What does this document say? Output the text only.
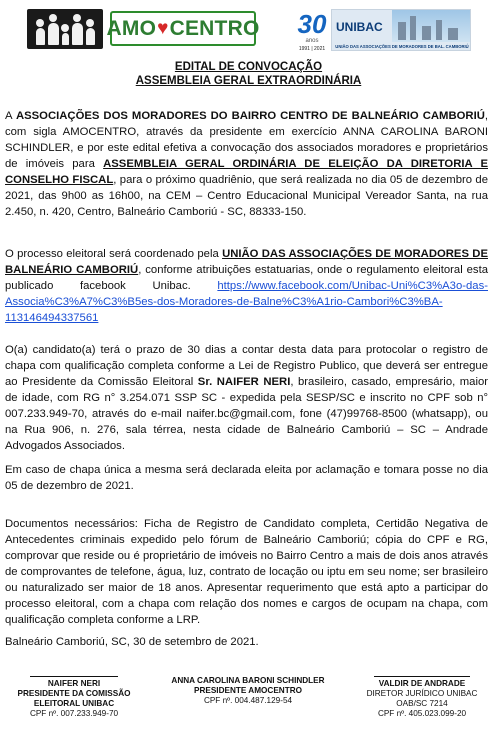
AMO ♥ CENTRO 30
anos
1991 | 2021
UNIBAC
UNIÃO DAS ASSOCIAÇÕES DE MORADORES DE BAL. CAMBORIÚ
EDITAL DE CONVOCAÇÃO
ASSEMBLEIA GERAL EXTRAORDINÁRIA

A ASSOCIAÇÕES DOS MORADORES DO BAIRRO CENTRO DE BALNEÁRIO CAMBORIÚ, com sigla AMOCENTRO, através da presidente em exercício ANNA CAROLINA BARONI SCHINDLER, e por este edital efetiva a convocação dos associados moradores e proprietários de imóveis para ASSEMBLEIA GERAL ORDINÁRIA DE ELEIÇÃO DA DIRETORIA E CONSELHO FISCAL, para o próximo quadriênio, que será realizada no dia 05 de dezembro de 2021, das 9h00 as 16h00, na CEM – Centro Educacional Municipal Vereador Santa, na rua 2.450, n. 420, Centro, Balneário Camboriú - SC, 88333-150.

O processo eleitoral será coordenado pela UNIÃO DAS ASSOCIAÇÕES DE MORADORES DE BALNEÁRIO CAMBORIÚ, conforme atribuições estatuarias, onde o regulamento eleitoral esta publicado facebook Unibac. https://www.facebook.com/Unibac-Uni%C3%A3o-das-Associa%C3%A7%C3%B5es-dos-Moradores-de-Balne%C3%A1rio-Cambori%C3%BA-113146494337561

O(a) candidato(a) terá o prazo de 30 dias a contar desta data para protocolar o registro de chapa com qualificação completa conforme a Lei de Registro Publico, que deverá ser entregue ao Presidente da Comissão Eleitoral Sr. NAIFER NERI, brasileiro, casado, empresário, maior de idade, com RG n° 3.254.071 SSP SC - expedida pela SESP/SC e inscrito no CPF sob n° 007.233.949-70, através do e-mail naifer.bc@gmail.com, fone (47)99768-8500 (whatsapp), ou na Rua 906, n. 276, sala térrea, nesta cidade de Balneário Camboriú – SC – Andrade Advogados Associados.

Em caso de chapa única a mesma será declarada eleita por aclamação e tomara posse no dia 05 de dezembro de 2021.

Documentos necessários: Ficha de Registro de Candidato completa, Certidão Negativa de Antecedentes criminais expedido pelo fórum de Balneário Camboriú; cópia do CPF e RG, comprovar que reside ou é proprietário de imóveis no Bairro Centro a mais de dois anos através de comprovantes de telefone, água, luz, contrato de locação ou iptu em seu nome; ser brasileiro ou naturalizado ser maior de 18 anos. Apresentar requerimento que está apto a participar do processo eleitoral, com a chapa com relação dos nomes e cargos de ocupam na chapa, com qualificação completa conforme a LRP.

Balneário Camboriú, SC, 30 de setembro de 2021.

NAIFER NERI
PRESIDENTE DA COMISSÃO
ELEITORAL UNIBAC
CPF nº. 007.233.949-70
ANNA CAROLINA BARONI SCHINDLER
PRESIDENTE AMOCENTRO
CPF nº. 004.487.129-54
VALDIR DE ANDRADE
DIRETOR JURÍDICO UNIBAC
OAB/SC 7214
CPF nº. 405.023.099-20
